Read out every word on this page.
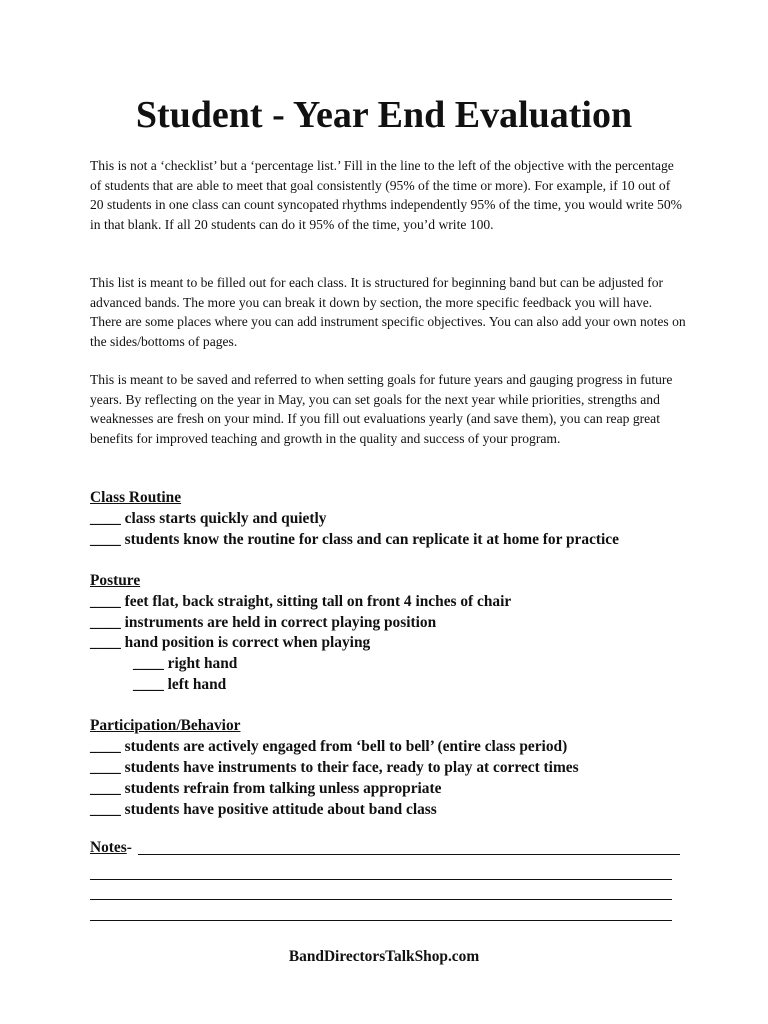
Student - Year End Evaluation

This is not a ‘checklist’ but a ‘percentage list.’ Fill in the line to the left of the objective with the percentage of students that are able to meet that goal consistently (95% of the time or more). For example, if 10 out of 20 students in one class can count syncopated rhythms independently 95% of the time, you would write 50% in that blank. If all 20 students can do it 95% of the time, you’d write 100.

This list is meant to be filled out for each class. It is structured for beginning band but can be adjusted for advanced bands. The more you can break it down by section, the more specific feedback you will have. There are some places where you can add instrument specific objectives. You can also add your own notes on the sides/bottoms of pages.

This is meant to be saved and referred to when setting goals for future years and gauging progress in future years. By reflecting on the year in May, you can set goals for the next year while priorities, strengths and weaknesses are fresh on your mind. If you fill out evaluations yearly (and save them), you can reap great benefits for improved teaching and growth in the quality and success of your program.

Class Routine
____ class starts quickly and quietly
____ students know the routine for class and can replicate it at home for practice
Posture
____ feet flat, back straight, sitting tall on front 4 inches of chair
____ instruments are held in correct playing position
____ hand position is correct when playing
____ right hand
____ left hand
Participation/Behavior
____ students are actively engaged from ‘bell to bell’ (entire class period)
____ students have instruments to their face, ready to play at correct times
____ students refrain from talking unless appropriate
____ students have positive attitude about band class
Notes -
BandDirectorsTalkShop.com
